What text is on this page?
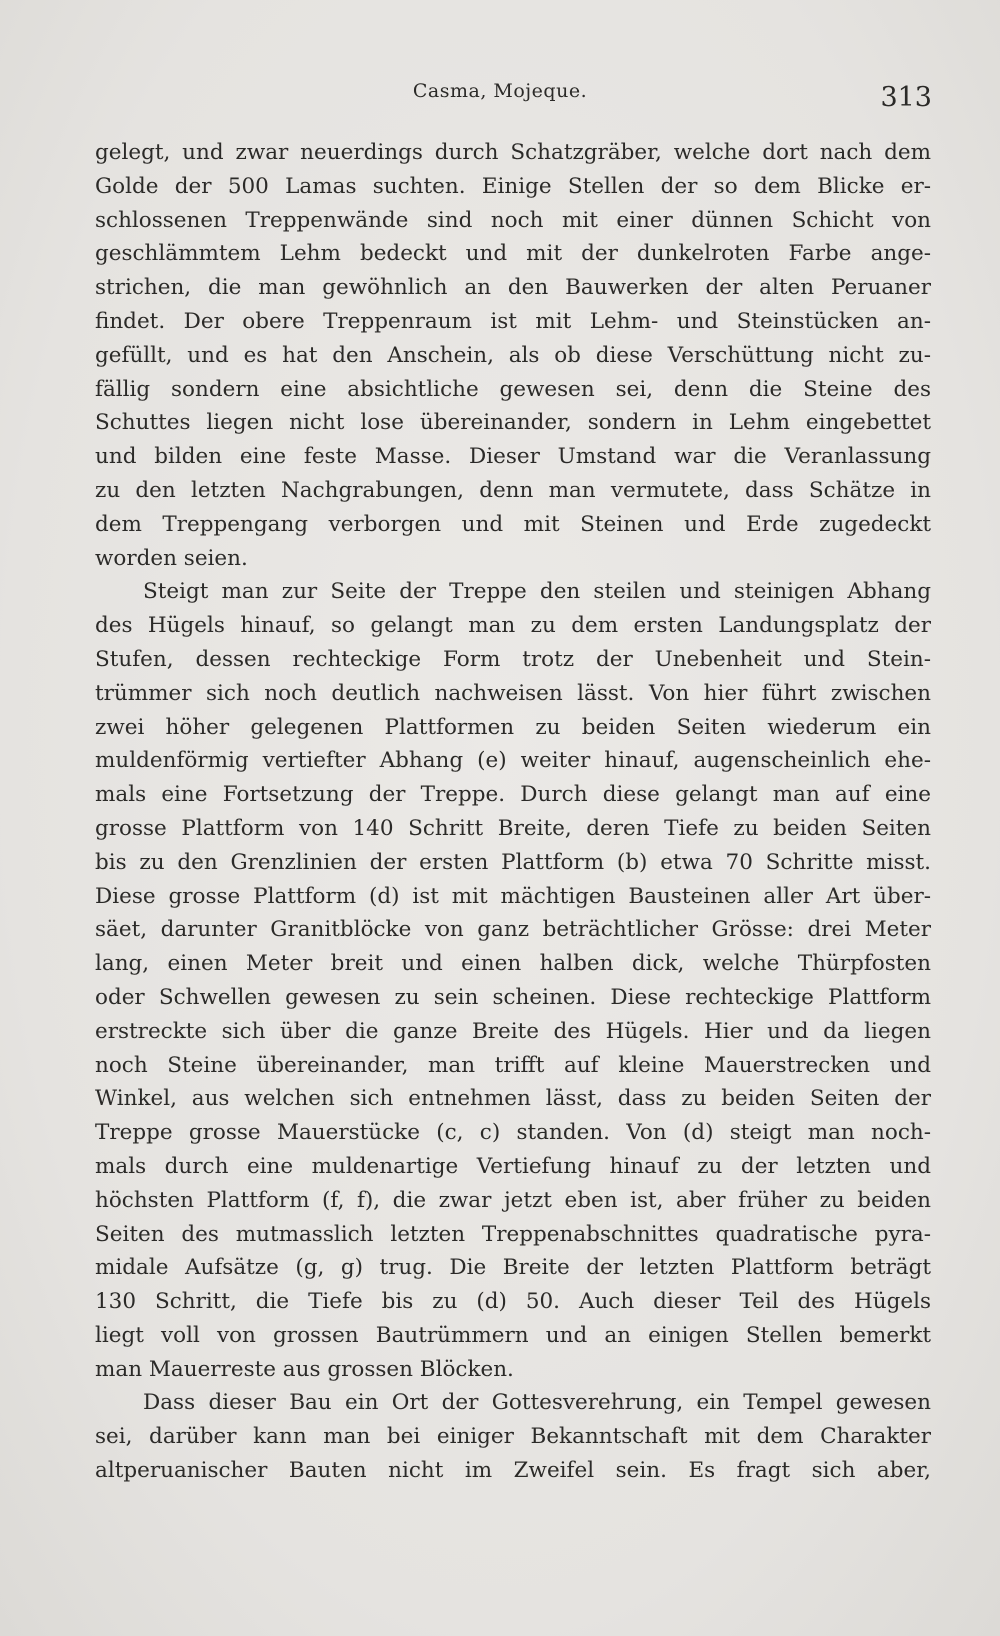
Casma, Mojeque.	313
gelegt, und zwar neuerdings durch Schatzgräber, welche dort nach dem
Golde der 500 Lamas suchten. Einige Stellen der so dem Blicke er-
schlossenen Treppenwände sind noch mit einer dünnen Schicht von
geschlämmtem Lehm bedeckt und mit der dunkelroten Farbe ange-
strichen, die man gewöhnlich an den Bauwerken der alten Peruaner
findet. Der obere Treppenraum ist mit Lehm- und Steinstücken an-
gefüllt, und es hat den Anschein, als ob diese Verschüttung nicht zu-
fällig sondern eine absichtliche gewesen sei, denn die Steine des
Schuttes liegen nicht lose übereinander, sondern in Lehm eingebettet
und bilden eine feste Masse. Dieser Umstand war die Veranlassung
zu den letzten Nachgrabungen, denn man vermutete, dass Schätze in
dem Treppengang verborgen und mit Steinen und Erde zugedeckt
worden seien.
Steigt man zur Seite der Treppe den steilen und steinigen Abhang
des Hügels hinauf, so gelangt man zu dem ersten Landungsplatz der
Stufen, dessen rechteckige Form trotz der Unebenheit und Stein-
trümmer sich noch deutlich nachweisen lässt. Von hier führt zwischen
zwei höher gelegenen Plattformen zu beiden Seiten wiederum ein
muldenförmig vertiefter Abhang (e) weiter hinauf, augenscheinlich ehe-
mals eine Fortsetzung der Treppe. Durch diese gelangt man auf eine
grosse Plattform von 140 Schritt Breite, deren Tiefe zu beiden Seiten
bis zu den Grenzlinien der ersten Plattform (b) etwa 70 Schritte misst.
Diese grosse Plattform (d) ist mit mächtigen Bausteinen aller Art über-
säet, darunter Granitblöcke von ganz beträchtlicher Grösse: drei Meter
lang, einen Meter breit und einen halben dick, welche Thürpfosten
oder Schwellen gewesen zu sein scheinen. Diese rechteckige Plattform
erstreckte sich über die ganze Breite des Hügels. Hier und da liegen
noch Steine übereinander, man trifft auf kleine Mauerstrecken und
Winkel, aus welchen sich entnehmen lässt, dass zu beiden Seiten der
Treppe grosse Mauerstücke (c, c) standen. Von (d) steigt man noch-
mals durch eine muldenartige Vertiefung hinauf zu der letzten und
höchsten Plattform (f, f), die zwar jetzt eben ist, aber früher zu beiden
Seiten des mutmasslich letzten Treppenabschnittes quadratische pyra-
midale Aufsätze (g, g) trug. Die Breite der letzten Plattform beträgt
130 Schritt, die Tiefe bis zu (d) 50. Auch dieser Teil des Hügels
liegt voll von grossen Bautrümmern und an einigen Stellen bemerkt
man Mauerreste aus grossen Blöcken.
Dass dieser Bau ein Ort der Gottesverehrung, ein Tempel gewesen
sei, darüber kann man bei einiger Bekanntschaft mit dem Charakter
altperuanischer Bauten nicht im Zweifel sein. Es fragt sich aber,
